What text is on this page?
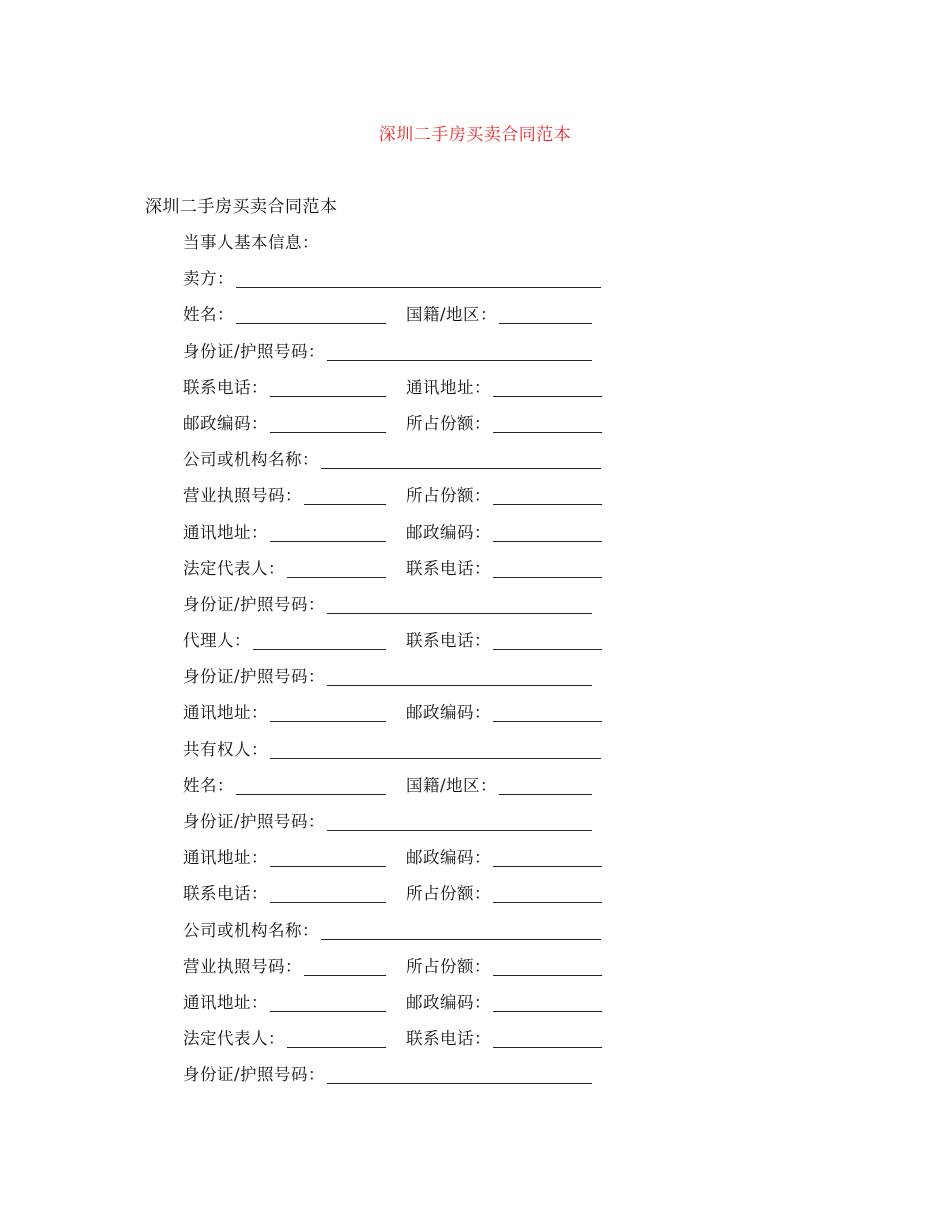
深圳二手房买卖合同范本
深圳二手房买卖合同范本
当事人基本信息：
卖方：
姓名：	国籍/地区：
身份证/护照号码：
联系电话：	通讯地址：
邮政编码：	所占份额：
公司或机构名称：
营业执照号码：	所占份额：
通讯地址：	邮政编码：
法定代表人：	联系电话：
身份证/护照号码：
代理人：	联系电话：
身份证/护照号码：
通讯地址：	邮政编码：
共有权人：
姓名：	国籍/地区：
身份证/护照号码：
通讯地址：	邮政编码：
联系电话：	所占份额：
公司或机构名称：
营业执照号码：	所占份额：
通讯地址：	邮政编码：
法定代表人：	联系电话：
身份证/护照号码：
